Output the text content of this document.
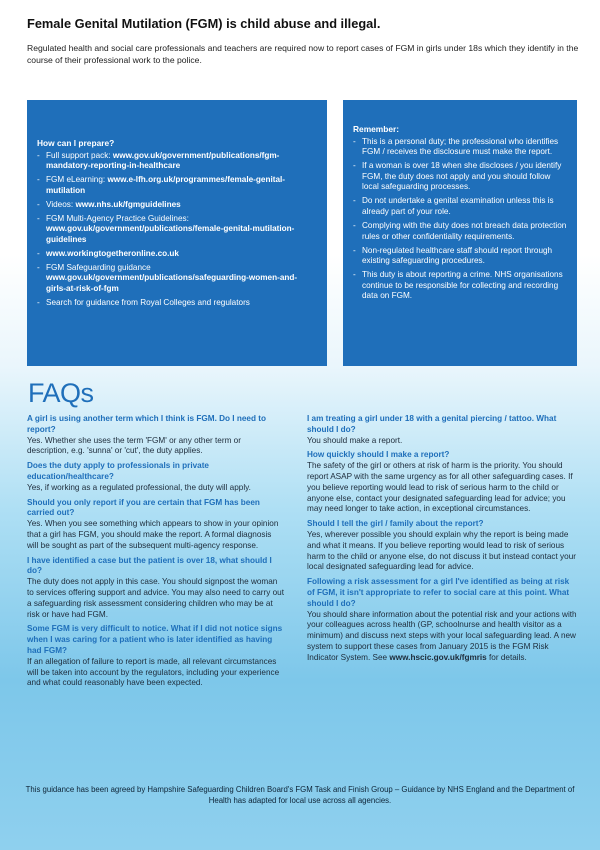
Female Genital Mutilation (FGM) is child abuse and illegal.
Regulated health and social care professionals and teachers are required now to report cases of FGM in girls under 18s which they identify in the course of their professional work to the police.
How can I prepare?
- Full support pack: www.gov.uk/government/publications/fgm-mandatory-reporting-in-healthcare
- FGM eLearning: www.e-lfh.org.uk/programmes/female-genital-mutilation
- Videos: www.nhs.uk/fgmguidelines
- FGM Multi-Agency Practice Guidelines: www.gov.uk/government/publications/female-genital-mutilation-guidelines
- www.workingtogetheronline.co.uk
- FGM Safeguarding guidance www.gov.uk/government/publications/safeguarding-women-and-girls-at-risk-of-fgm
- Search for guidance from Royal Colleges and regulators
Remember:
- This is a personal duty; the professional who identifies FGM / receives the disclosure must make the report.
- If a woman is over 18 when she discloses / you identify FGM, the duty does not apply and you should follow local safeguarding processes.
- Do not undertake a genital examination unless this is already part of your role.
- Complying with the duty does not breach data protection rules or other confidentiality requirements.
- Non-regulated healthcare staff should report through existing safeguarding procedures.
- This duty is about reporting a crime. NHS organisations continue to be responsible for collecting and recording data on FGM.
FAQs
A girl is using another term which I think is FGM. Do I need to report?
Yes. Whether she uses the term 'FGM' or any other term or description, e.g. 'sunna' or 'cut', the duty applies.
Does the duty apply to professionals in private education/healthcare?
Yes, if working as a regulated professional, the duty will apply.
Should you only report if you are certain that FGM has been carried out?
Yes. When you see something which appears to show in your opinion that a girl has FGM, you should make the report. A formal diagnosis will be sought as part of the subsequent multi-agency response.
I have identified a case but the patient is over 18, what should I do?
The duty does not apply in this case. You should signpost the woman to services offering support and advice. You may also need to carry out a safeguarding risk assessment considering children who may be at risk or have had FGM.
Some FGM is very difficult to notice. What if I did not notice signs when I was caring for a patient who is later identified as having had FGM?
If an allegation of failure to report is made, all relevant circumstances will be taken into account by the regulators, including your experience and what could reasonably have been expected.
I am treating a girl under 18 with a genital piercing / tattoo. What should I do?
You should make a report.
How quickly should I make a report?
The safety of the girl or others at risk of harm is the priority. You should report ASAP with the same urgency as for all other safeguarding cases. If you believe reporting would lead to risk of serious harm to the child or anyone else, contact your designated safeguarding lead for advice; you may need longer to take action, in exceptional circumstances.
Should I tell the girl / family about the report?
Yes, wherever possible you should explain why the report is being made and what it means. If you believe reporting would lead to risk of serious harm to the child or anyone else, do not discuss it but instead contact your local designated safeguarding lead for advice.
Following a risk assessment for a girl I've identified as being at risk of FGM, it isn't appropriate to refer to social care at this point. What should I do?
You should share information about the potential risk and your actions with your colleagues across health (GP, schoolnurse and health visitor as a minimum) and discuss next steps with your local safeguarding lead. A new system to support these cases from January 2015 is the FGM Risk Indicator System. See www.hscic.gov.uk/fgmris for details.
This guidance has been agreed by Hampshire Safeguarding Children Board's FGM Task and Finish Group – Guidance by NHS England and the Department of Health has adapted for local use across all agencies.
